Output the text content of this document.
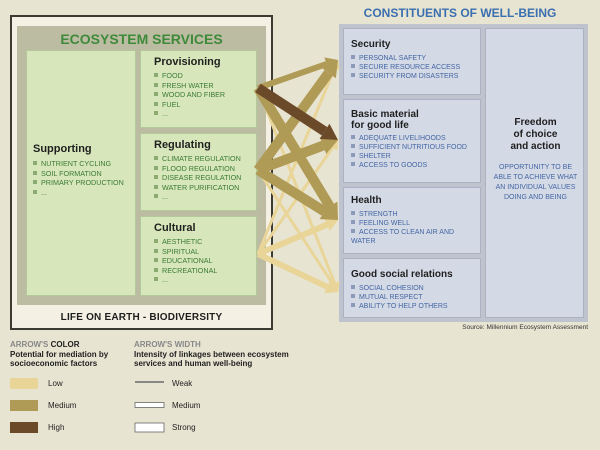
ECOSYSTEM SERVICES
Supporting
NUTRIENT CYCLING
SOIL FORMATION
PRIMARY PRODUCTION
...
Provisioning
FOOD
FRESH WATER
WOOD AND FIBER
FUEL
...
Regulating
CLIMATE REGULATION
FLOOD REGULATION
DISEASE REGULATION
WATER PURIFICATION
...
Cultural
AESTHETIC
SPIRITUAL
EDUCATIONAL
RECREATIONAL
...
LIFE ON EARTH - BIODIVERSITY
CONSTITUENTS OF WELL-BEING
Security
PERSONAL SAFETY
SECURE RESOURCE ACCESS
SECURITY FROM DISASTERS
Basic material
for good life
ADEQUATE LIVELIHOODS
SUFFICIENT NUTRITIOUS FOOD
SHELTER
ACCESS TO GOODS
Health
STRENGTH
FEELING WELL
ACCESS TO CLEAN AIR AND WATER
Good social relations
SOCIAL COHESION
MUTUAL RESPECT
ABILITY TO HELP OTHERS
Freedom
of choice
and action
OPPORTUNITY TO BE ABLE TO ACHIEVE WHAT AN INDIVIDUAL VALUES DOING AND BEING
Source: Millennium Ecosystem Assessment
ARROW'S COLOR
Potential for mediation by
socioeconomic factors
Low
Medium
High
ARROW'S WIDTH
Intensity of linkages between ecosystem
services and human well-being
Weak
Medium
Strong
